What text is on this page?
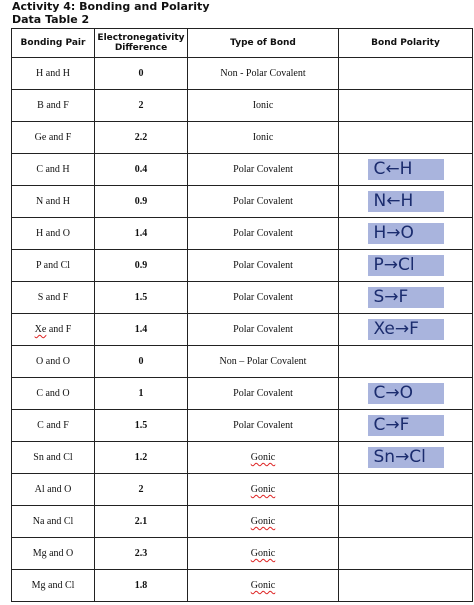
Activity 4: Bonding and Polarity
Data Table 2
Bonding Pair	Electronegativity Difference	Type of Bond	Bond Polarity
H and H	0	Non - Polar Covalent	
B and F	2	Ionic	
Ge and F	2.2	Ionic	
C and H	0.4	Polar Covalent	C←H
N and H	0.9	Polar Covalent	N←H
H and O	1.4	Polar Covalent	H→O
P and Cl	0.9	Polar Covalent	P→Cl
S and F	1.5	Polar Covalent	S→F
Xe and F	1.4	Polar Covalent	Xe→F
O and O	0	Non – Polar Covalent	
C and O	1	Polar Covalent	C→O
C and F	1.5	Polar Covalent	C→F
Sn and Cl	1.2	Gonic	Sn→Cl
Al and O	2	Gonic	
Na and Cl	2.1	Gonic	
Mg and O	2.3	Gonic	
Mg and Cl	1.8	Gonic	
